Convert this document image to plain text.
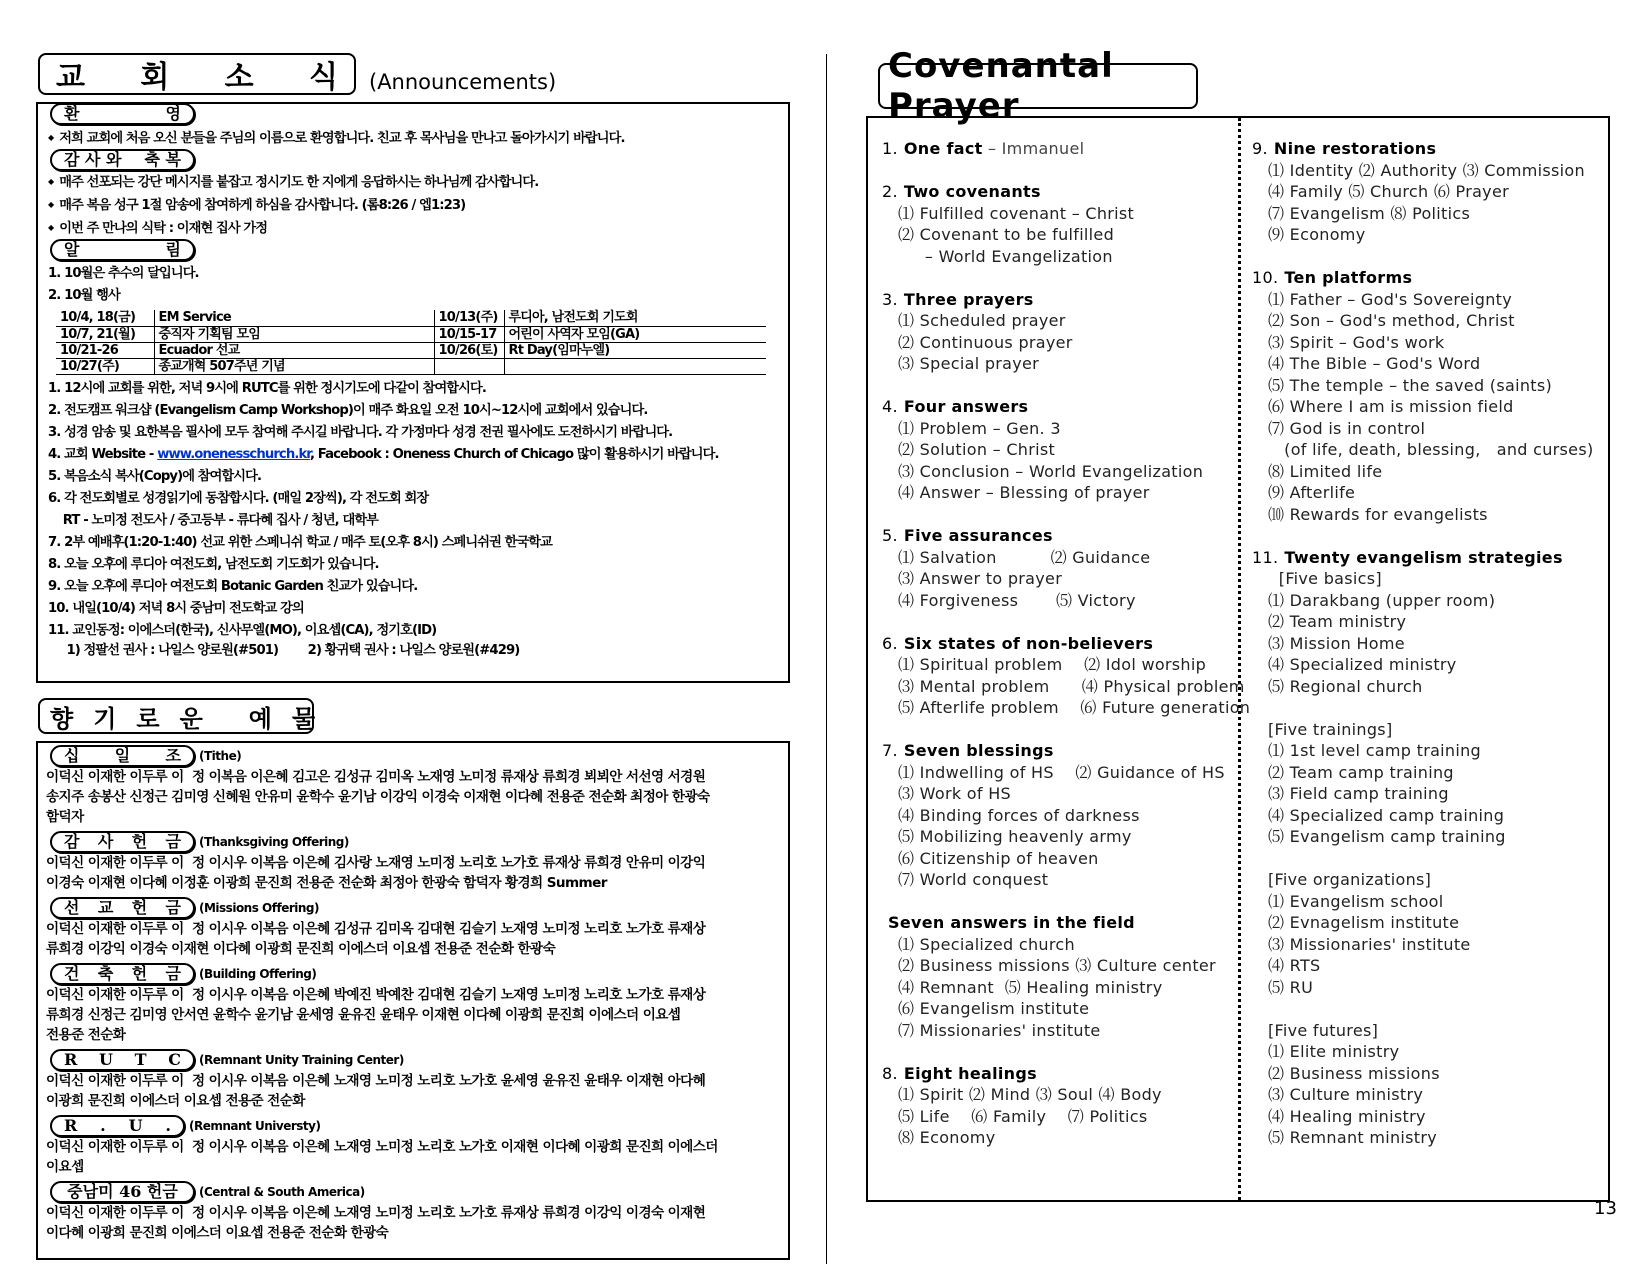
교 회 소 식 (Announcements)
환	영
◆ 저희 교회에 처음 오신 분들을 주님의 이름으로 환영합니다. 친교 후 목사님을 만나고 돌아가시기 바랍니다.
감 사 와 축 복
◆ 매주 선포되는 강단 메시지를 붙잡고 정시기도 한 지에게 응답하시는 하나님께 감사합니다.
◆ 매주 복음 성구 1절 암송에 참여하게 하심을 감사합니다. (롬8:26 / 엡1:23)
◆ 이번 주 만나의 식탁 : 이재현 집사 가정
알	림
1. 10월은 추수의 달입니다.
2. 10월 행사
10/4, 18(금)	EM Service	10/13(주)	루디아, 남전도회 기도회
10/7, 21(월)	중직자 기획팀 모임	10/15-17	어린이 사역자 모임(GA)
10/21-26	Ecuador 선교	10/26(토)	Rt Day(임마누엘)
10/27(주)	종교개혁 507주년 기념		
1. 12시에 교회를 위한, 저녁 9시에 RUTC를 위한 정시기도에 다같이 참여합시다.
2. 전도캠프 워크샵 (Evangelism Camp Workshop)이 매주 화요일 오전 10시~12시에 교회에서 있습니다.
3. 성경 암송 및 요한복음 필사에 모두 참여해 주시길 바랍니다. 각 가정마다 성경 전권 필사에도 도전하시기 바랍니다.
4. 교회 Website - www.onenesschurch.kr, Facebook : Oneness Church of Chicago 많이 활용하시기 바랍니다.
5. 복음소식 복사(Copy)에 참여합시다.
6. 각 전도회별로 성경읽기에 동참합시다. (매일 2장씩), 각 전도회 회장
RT - 노미정 전도사 / 중고등부 - 류다혜 집사 / 청년, 대학부
7. 2부 예배후(1:20-1:40) 선교 위한 스페니쉬 학교 / 매주 토(오후 8시) 스페니쉬권 한국학교
8. 오늘 오후에 루디아 여전도회, 남전도회 기도회가 있습니다.
9. 오늘 오후에 루디아 여전도회 Botanic Garden 친교가 있습니다.
10. 내일(10/4) 저녁 8시 중남미 전도학교 강의
11. 교인동정: 이에스더(한국), 신사무엘(MO), 이요셉(CA), 정기호(ID)
1) 정팔선 권사 : 나일스 양로원(#501)        2) 황귀택 권사 : 나일스 양로원(#429)
향 기 로 운 예 물
십 일 조 (Tithe)
이덕신 이재한 이두루 이  정 이복음 이은혜 김고은 김성규 김미옥 노재영 노미정 류재상 류희경 뵈뵈안 서선영 서경원
송지주 송봉산 신정근 김미영 신혜원 안유미 윤학수 윤기남 이강익 이경숙 이재현 이다혜 전용준 전순화 최정아 한광숙
함덕자
감 사 헌 금 (Thanksgiving Offering)
이덕신 이재한 이두루 이  정 이시우 이복음 이은혜 김사랑 노재영 노미정 노리호 노가호 류재상 류희경 안유미 이강익
이경숙 이재현 이다혜 이정훈 이광희 문진희 전용준 전순화 최정아 한광숙 함덕자 황경희 Summer
선 교 헌 금 (Missions Offering)
이덕신 이재한 이두루 이  정 이시우 이복음 이은혜 김성규 김미옥 김대현 김슬기 노재영 노미정 노리호 노가호 류재상
류희경 이강익 이경숙 이재현 이다혜 이광희 문진희 이에스더 이요셉 전용준 전순화 한광숙
건 축 헌 금 (Building Offering)
이덕신 이재한 이두루 이  정 이시우 이복음 이은혜 박예진 박예찬 김대현 김슬기 노재영 노미정 노리호 노가호 류재상
류희경 신정근 김미영 안서연 윤학수 윤기남 윤세영 윤유진 윤태우 이재현 이다혜 이광희 문진희 이에스더 이요셉
전용준 전순화
R U T C (Remnant Unity Training Center)
이덕신 이재한 이두루 이  정 이시우 이복음 이은혜 노재영 노미정 노리호 노가호 윤세영 윤유진 윤태우 이재현 아다혜
이광희 문진희 이에스더 이요셉 전용준 전순화
R . U . (Remnant Universty)
이덕신 이재한 이두루 이  정 이시우 이복음 이은혜 노재영 노미정 노리호 노가호 이재현 이다혜 이광희 문진희 이에스더
이요셉
중남미 46 헌금 (Central & South America)
이덕신 이재한 이두루 이  정 이시우 이복음 이은혜 노재영 노미정 노리호 노가호 류재상 류희경 이강익 이경숙 이재현
이다혜 이광희 문진희 이에스더 이요셉 전용준 전순화 한광숙
Covenantal Prayer
1. One fact – Immanuel
2. Two covenants
⑴ Fulfilled covenant – Christ
⑵ Covenant to be fulfilled
– World Evangelization
3. Three prayers
⑴ Scheduled prayer
⑵ Continuous prayer
⑶ Special prayer
4. Four answers
⑴ Problem – Gen. 3
⑵ Solution – Christ
⑶ Conclusion – World Evangelization
⑷ Answer – Blessing of prayer
5. Five assurances
⑴ Salvation          ⑵ Guidance
⑶ Answer to prayer
⑷ Forgiveness       ⑸ Victory
6. Six states of non-believers
⑴ Spiritual problem    ⑵ Idol worship
⑶ Mental problem      ⑷ Physical problem
⑸ Afterlife problem    ⑹ Future generation
7. Seven blessings
⑴ Indwelling of HS    ⑵ Guidance of HS
⑶ Work of HS
⑷ Binding forces of darkness
⑸ Mobilizing heavenly army
⑹ Citizenship of heaven
⑺ World conquest
Seven answers in the field
⑴ Specialized church
⑵ Business missions ⑶ Culture center
⑷ Remnant  ⑸ Healing ministry
⑹ Evangelism institute
⑺ Missionaries' institute
8. Eight healings
⑴ Spirit ⑵ Mind ⑶ Soul ⑷ Body
⑸ Life    ⑹ Family    ⑺ Politics
⑻ Economy
9. Nine restorations
⑴ Identity ⑵ Authority ⑶ Commission
⑷ Family ⑸ Church ⑹ Prayer
⑺ Evangelism ⑻ Politics
⑼ Economy
10. Ten platforms
⑴ Father – God's Sovereignty
⑵ Son – God's method, Christ
⑶ Spirit – God's work
⑷ The Bible – God's Word
⑸ The temple – the saved (saints)
⑹ Where I am is mission field
⑺ God is in control
(of life, death, blessing,   and curses)
⑻ Limited life
⑼ Afterlife
⑽ Rewards for evangelists
11. Twenty evangelism strategies
[Five basics]
⑴ Darakbang (upper room)
⑵ Team ministry
⑶ Mission Home
⑷ Specialized ministry
⑸ Regional church
[Five trainings]
⑴ 1st level camp training
⑵ Team camp training
⑶ Field camp training
⑷ Specialized camp training
⑸ Evangelism camp training
[Five organizations]
⑴ Evangelism school
⑵ Evnagelism institute
⑶ Missionaries' institute
⑷ RTS
⑸ RU
[Five futures]
⑴ Elite ministry
⑵ Business missions
⑶ Culture ministry
⑷ Healing ministry
⑸ Remnant ministry
13
